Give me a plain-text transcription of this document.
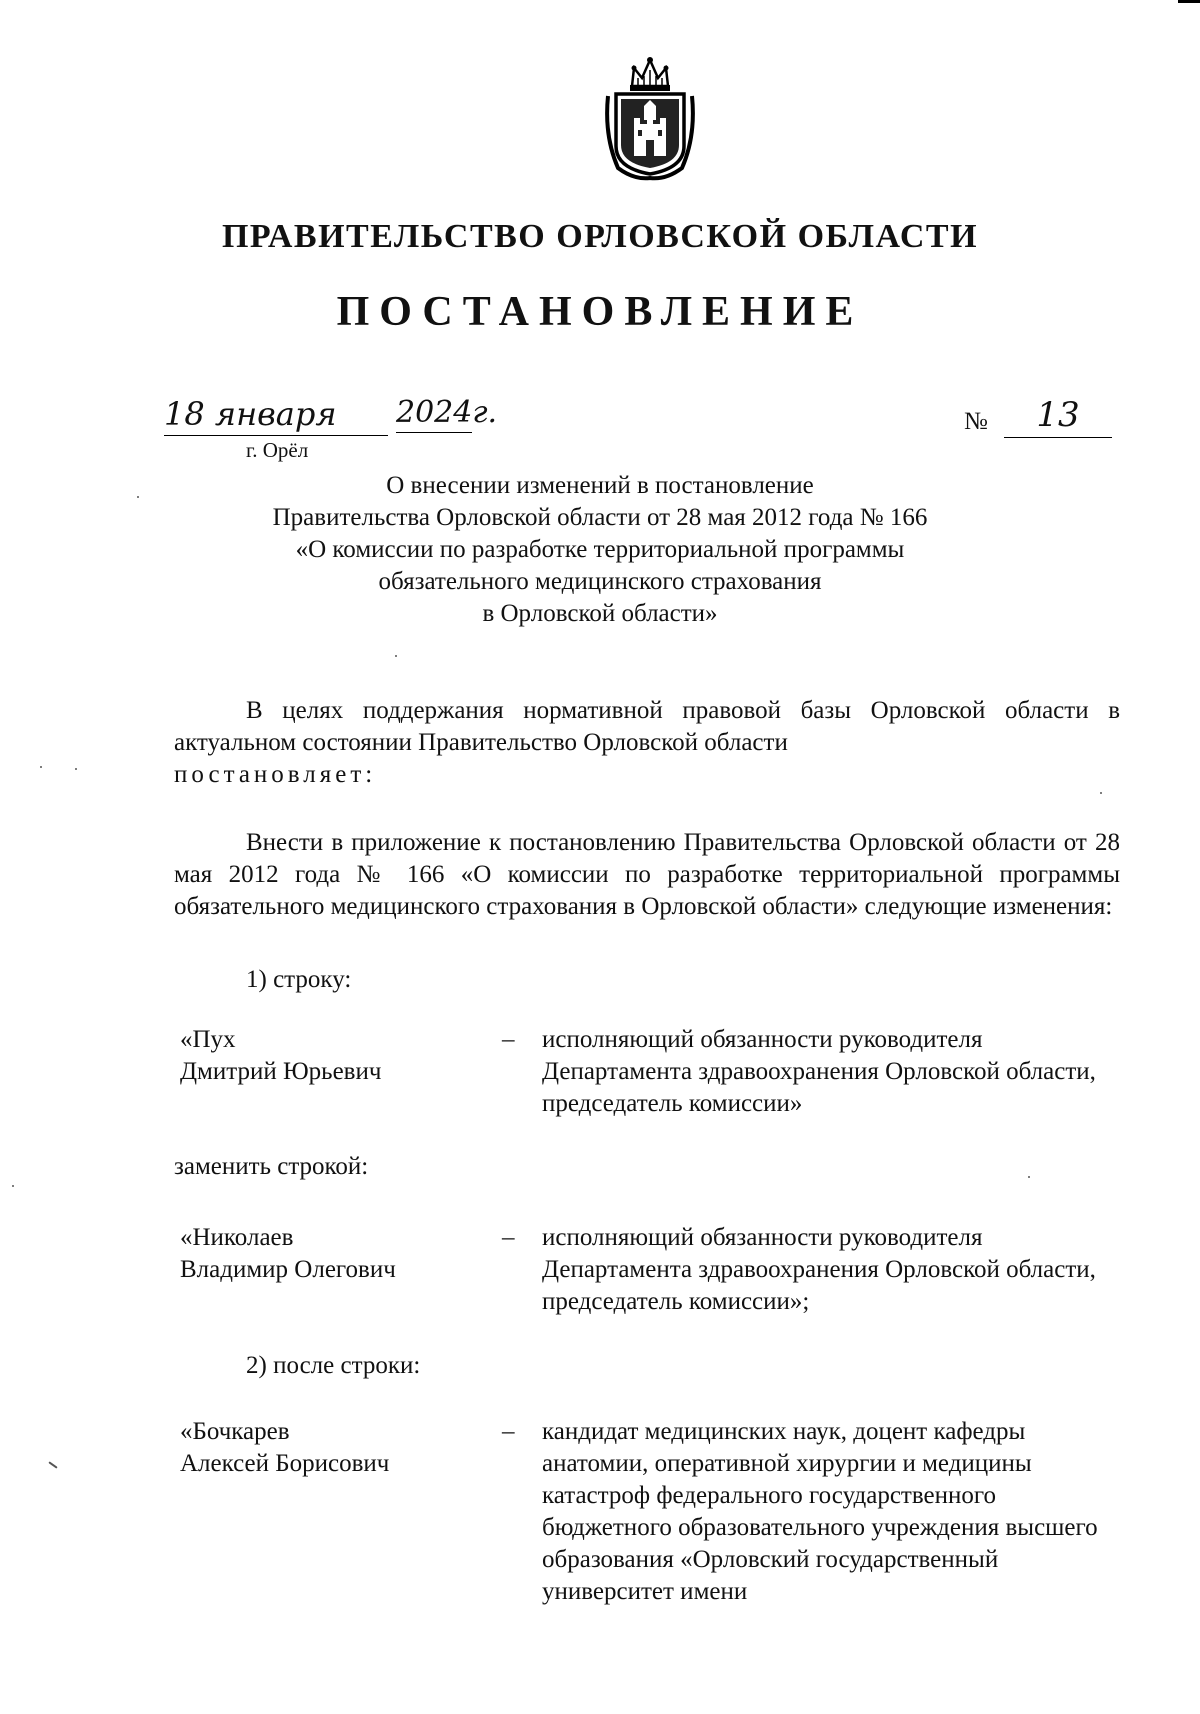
ПРАВИТЕЛЬСТВО ОРЛОВСКОЙ ОБЛАСТИ
ПОСТАНОВЛЕНИЕ
18 января	2024г.
г. Орёл
№	13
О внесении изменений в постановление
Правительства Орловской области от 28 мая 2012 года № 166
«О комиссии по разработке территориальной программы
обязательного медицинского страхования
в Орловской области»

В целях поддержания нормативной правовой базы Орловской области в актуальном состоянии Правительство Орловской области
постановляет:

Внести в приложение к постановлению Правительства Орловской области от 28 мая 2012 года № 166 «О комиссии по разработке территориальной программы обязательного медицинского страхования в Орловской области» следующие изменения:

1) строку:
«Пух
Дмитрий Юрьевич
– исполняющий обязанности руководителя Департамента здравоохранения Орловской области, председатель комиссии»
заменить строкой:
«Николаев
Владимир Олегович
– исполняющий обязанности руководителя Департамента здравоохранения Орловской области, председатель комиссии»;
2) после строки:
«Бочкарев
Алексей Борисович
– кандидат медицинских наук, доцент кафедры анатомии, оперативной хирургии и медицины катастроф федерального государственного бюджетного образовательного учреждения высшего образования «Орловский государственный университет имени
